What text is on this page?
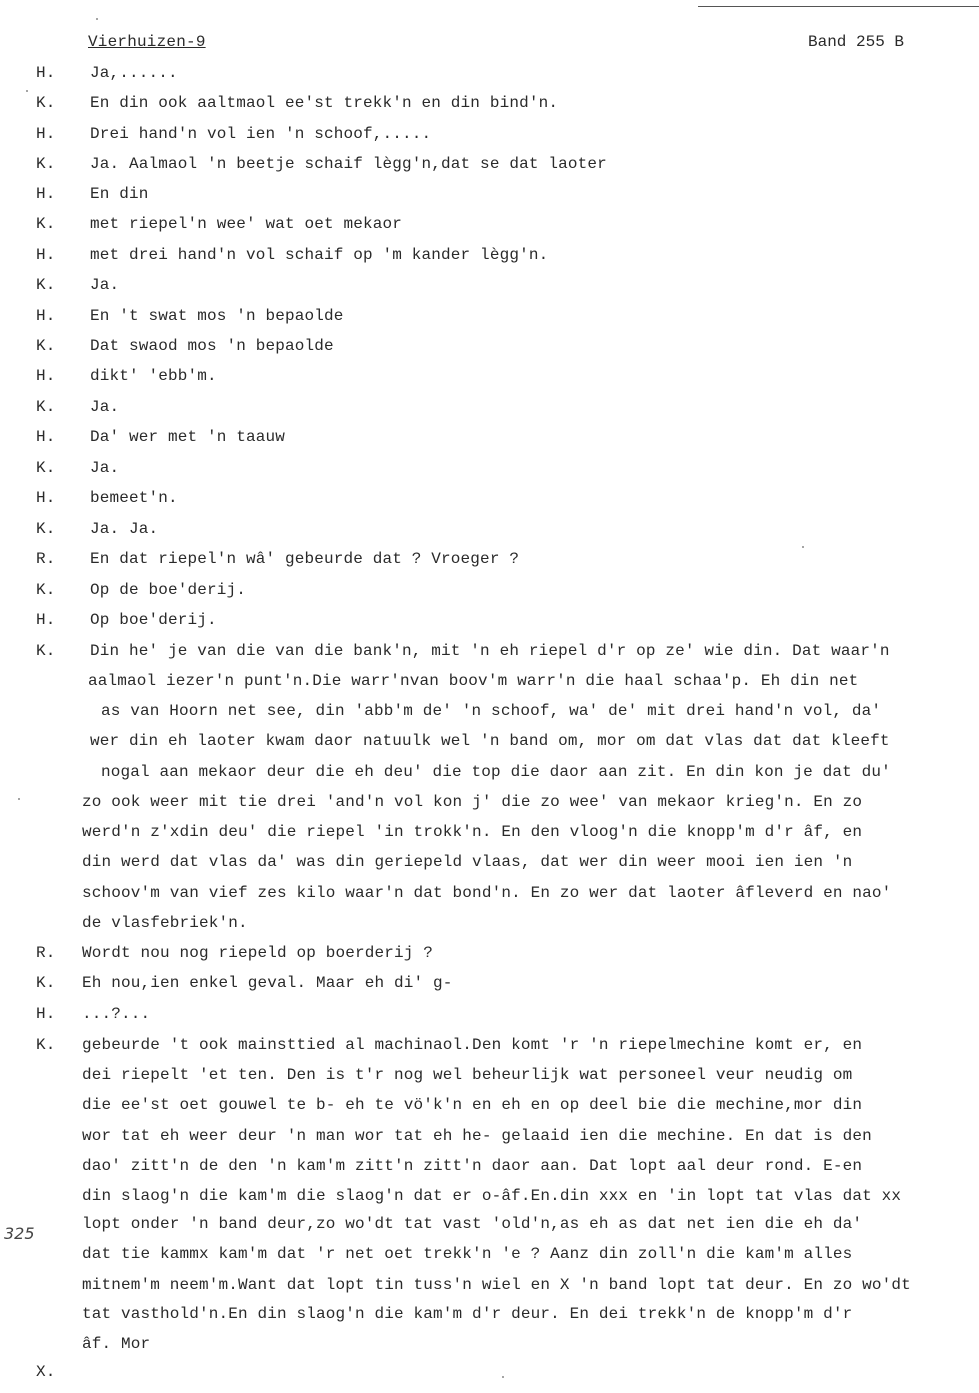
Vierhuizen-9	Band 255 B
325
H. Ja,......
K. En din ook aaltmaol ee'st trekk'n en din bind'n.
H. Drei hand'n vol ien 'n schoof,.....
K. Ja. Aalmaol 'n beetje schaif lègg'n,dat se dat laoter
H. En din
K. met riepel'n wee' wat oet mekaor
H. met drei hand'n vol schaif op 'm kander lègg'n.
K. Ja.
H. En 't swat mos 'n bepaolde
K. Dat swaod mos 'n bepaolde
H. dikt' 'ebb'm.
K. Ja.
H. Da' wer met 'n taauw
K. Ja.
H. bemeet'n.
K. Ja. Ja.
R. En dat riepel'n wâ' gebeurde dat ? Vroeger ?
K. Op de boe'derij.
H. Op boe'derij.
K. Din he' je van die van die bank'n, mit 'n eh riepel d'r op ze' wie din. Dat waar'n
aalmaol iezer'n punt'n.Die warr'nvan boov'm warr'n die haal schaa'p. Eh din net
as van Hoorn net see, din 'abb'm de' 'n schoof, wa' de' mit drei hand'n vol, da'
wer din eh laoter kwam daor natuulk wel 'n band om, mor om dat vlas dat dat kleeft
nogal aan mekaor deur die eh deu' die top die daor aan zit. En din kon je dat du'
zo ook weer mit tie drei 'and'n vol kon j' die zo wee' van mekaor krieg'n. En zo
werd'n z'xdin deu' die riepel 'in trokk'n. En den vloog'n die knopp'm d'r âf, en
din werd dat vlas da' was din geriepeld vlaas, dat wer din weer mooi ien ien 'n
schoov'm van vief zes kilo waar'n dat bond'n. En zo wer dat laoter âfleverd en nao'
de vlasfebriek'n.
R. Wordt nou nog riepeld op boerderij ?
K. Eh nou,ien enkel geval. Maar eh di' g-
H. ...?...
K. gebeurde 't ook mainsttied al machinaol.Den komt 'r 'n riepelmechine komt er, en
dei riepelt 'et ten. Den is t'r nog wel beheurlijk wat personeel veur neudig om
die ee'st oet gouwel te b- eh te vö'k'n en eh en op deel bie die mechine,mor din
wor tat eh weer deur 'n man wor tat eh he- gelaaid ien die mechine. En dat is den
dao' zitt'n de den 'n kam'm zitt'n zitt'n daor aan. Dat lopt aal deur rond. E-en
din slaog'n die kam'm die slaog'n dat er o-âf.En.din xxx en 'in lopt tat vlas dat xx
lopt onder 'n band deur,zo wo'dt tat vast 'old'n,as eh as dat net ien die eh da'
dat tie kammx kam'm dat 'r net oet trekk'n 'e ? Aanz din zoll'n die kam'm alles
mitnem'm neem'm.Want dat lopt tin tuss'n wiel en X 'n band lopt tat deur. En zo wo'dt
tat vasthold'n.En din slaog'n die kam'm d'r deur. En dei trekk'n de knopp'm d'r
âf. Mor
X.
